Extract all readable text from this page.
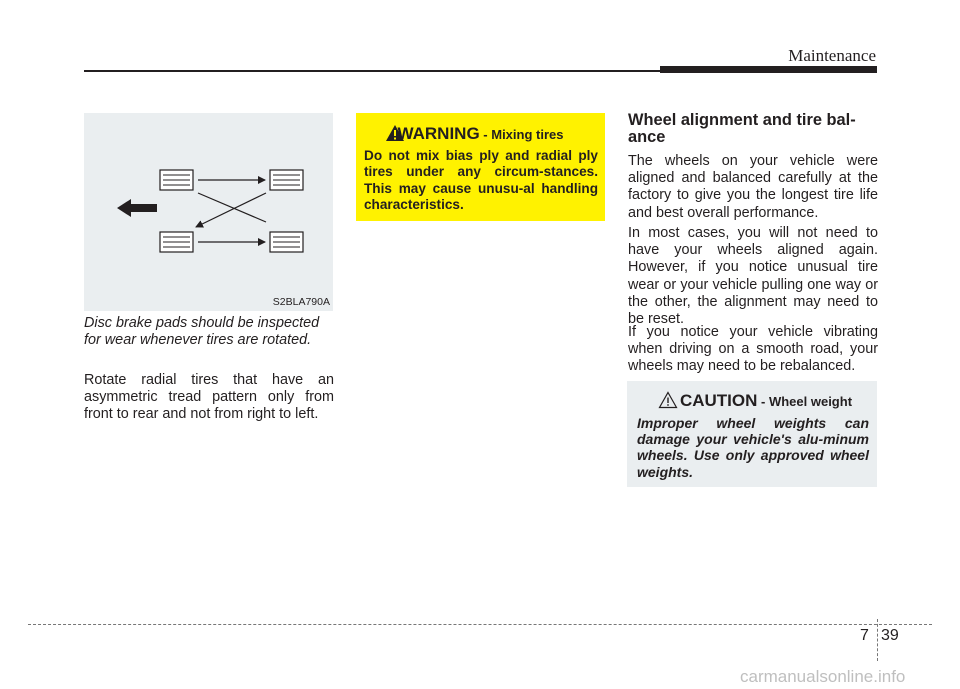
Maintenance
S2BLA790A
Disc brake pads should be inspected for wear whenever tires are rotated.

Rotate radial tires that have an asymmetric tread pattern only from front to rear and not from right to left.

WARNING - Mixing tires
Do not mix bias ply and radial ply tires under any circum-stances. This may cause unusu-al handling characteristics.
Wheel alignment and tire bal-ance

The wheels on your vehicle were aligned and balanced carefully at the factory to give you the longest tire life and best overall performance.

In most cases, you will not need to have your wheels aligned again. However, if you notice unusual tire wear or your vehicle pulling one way or the other, the alignment may need to be reset.

If you notice your vehicle vibrating when driving on a smooth road, your wheels may need to be rebalanced.

CAUTION - Wheel weight
Improper wheel weights can damage your vehicle's alu-minum wheels. Use only approved wheel weights.
7 39
carmanualsonline.info
